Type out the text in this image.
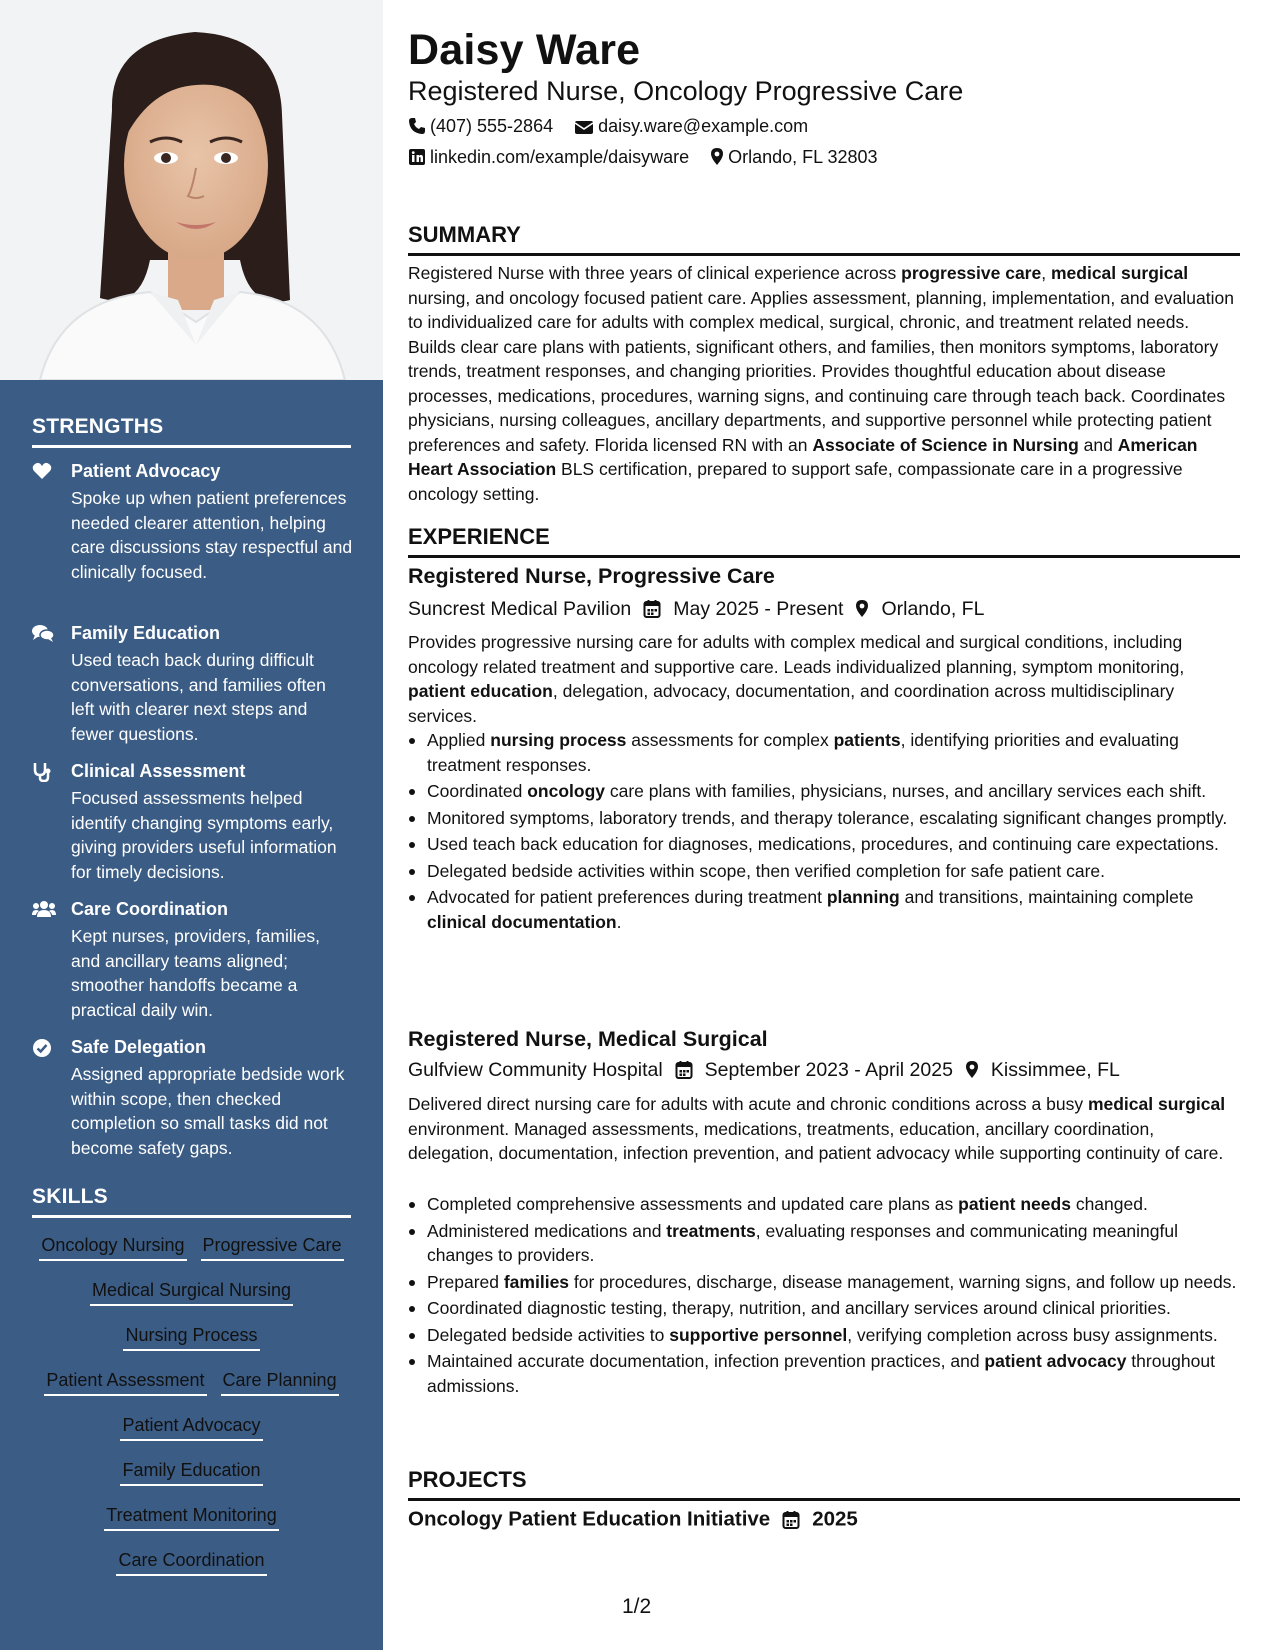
STRENGTHS
Patient Advocacy
Spoke up when patient preferences needed clearer attention, helping care discussions stay respectful and clinically focused.
Family Education
Used teach back during difficult conversations, and families often left with clearer next steps and fewer questions.
Clinical Assessment
Focused assessments helped identify changing symptoms early, giving providers useful information for timely decisions.
Care Coordination
Kept nurses, providers, families, and ancillary teams aligned; smoother handoffs became a practical daily win.
Safe Delegation
Assigned appropriate bedside work within scope, then checked completion so small tasks did not become safety gaps.
SKILLS
Oncology Nursing Progressive Care
Medical Surgical Nursing
Nursing Process
Patient Assessment Care Planning
Patient Advocacy
Family Education
Treatment Monitoring
Care Coordination
Daisy Ware
Registered Nurse, Oncology Progressive Care
(407) 555-2864	daisy.ware@example.com
linkedin.com/example/daisyware Orlando, FL 32803
SUMMARY
Registered Nurse with three years of clinical experience across progressive care, medical surgical nursing, and oncology focused patient care. Applies assessment, planning, implementation, and evaluation to individualized care for adults with complex medical, surgical, chronic, and treatment related needs. Builds clear care plans with patients, significant others, and families, then monitors symptoms, laboratory trends, treatment responses, and changing priorities. Provides thoughtful education about disease processes, medications, procedures, warning signs, and continuing care through teach back. Coordinates physicians, nursing colleagues, ancillary departments, and supportive personnel while protecting patient preferences and safety. Florida licensed RN with an Associate of Science in Nursing and American Heart Association BLS certification, prepared to support safe, compassionate care in a progressive oncology setting.
EXPERIENCE
Registered Nurse, Progressive Care
Suncrest Medical Pavilion May 2025 - Present Orlando, FL
Provides progressive nursing care for adults with complex medical and surgical conditions, including oncology related treatment and supportive care. Leads individualized planning, symptom monitoring, patient education, delegation, advocacy, documentation, and coordination across multidisciplinary services.
Applied nursing process assessments for complex patients, identifying priorities and evaluating treatment responses.
Coordinated oncology care plans with families, physicians, nurses, and ancillary services each shift.
Monitored symptoms, laboratory trends, and therapy tolerance, escalating significant changes promptly.
Used teach back education for diagnoses, medications, procedures, and continuing care expectations.
Delegated bedside activities within scope, then verified completion for safe patient care.
Advocated for patient preferences during treatment planning and transitions, maintaining complete clinical documentation.
Registered Nurse, Medical Surgical
Gulfview Community Hospital September 2023 - April 2025 Kissimmee, FL
Delivered direct nursing care for adults with acute and chronic conditions across a busy medical surgical environment. Managed assessments, medications, treatments, education, ancillary coordination, delegation, documentation, infection prevention, and patient advocacy while supporting continuity of care.
Completed comprehensive assessments and updated care plans as patient needs changed.
Administered medications and treatments, evaluating responses and communicating meaningful changes to providers.
Prepared families for procedures, discharge, disease management, warning signs, and follow up needs.
Coordinated diagnostic testing, therapy, nutrition, and ancillary services around clinical priorities.
Delegated bedside activities to supportive personnel, verifying completion across busy assignments.
Maintained accurate documentation, infection prevention practices, and patient advocacy throughout admissions.
PROJECTS
Oncology Patient Education Initiative 2025
1/2
